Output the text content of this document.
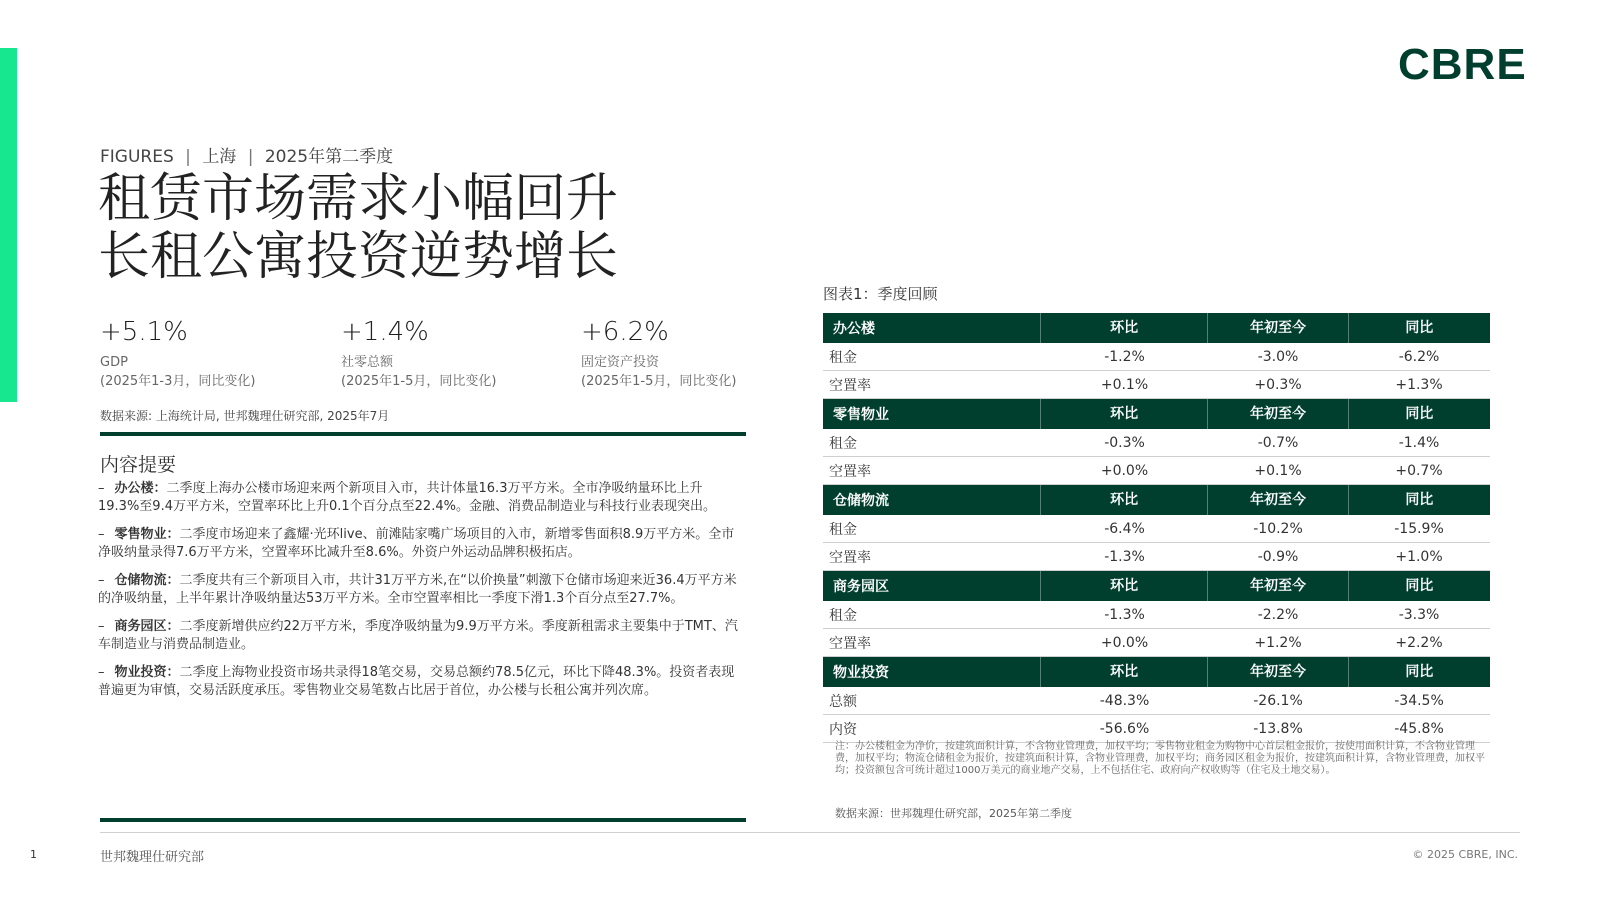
CBRE
FIGURES | 上海 | 2025年第二季度
租赁市场需求小幅回升
长租公寓投资逆势增长
+5.1%
GDP
(2025年1-3月，同比变化)
+1.4%
社零总额
(2025年1-5月，同比变化)
+6.2%
固定资产投资
(2025年1-5月，同比变化)
数据来源: 上海统计局, 世邦魏理仕研究部, 2025年7月
内容提要
– 办公楼：二季度上海办公楼市场迎来两个新项目入市，共计体量16.3万平方米。全市净吸纳量环比上升19.3%至9.4万平方米，空置率环比上升0.1个百分点至22.4%。金融、消费品制造业与科技行业表现突出。
– 零售物业：二季度市场迎来了鑫耀·光环live、前滩陆家嘴广场项目的入市，新增零售面积8.9万平方米。全市净吸纳量录得7.6万平方米，空置率环比减升至8.6%。外资户外运动品牌积极拓店。
– 仓储物流：二季度共有三个新项目入市，共计31万平方米,在“以价换量”刺激下仓储市场迎来近36.4万平方米的净吸纳量，上半年累计净吸纳量达53万平方米。全市空置率相比一季度下滑1.3个百分点至27.7%。
– 商务园区：二季度新增供应约22万平方米，季度净吸纳量为9.9万平方米。季度新租需求主要集中于TMT、汽车制造业与消费品制造业。
– 物业投资：二季度上海物业投资市场共录得18笔交易，交易总额约78.5亿元，环比下降48.3%。投资者表现普遍更为审慎，交易活跃度承压。零售物业交易笔数占比居于首位，办公楼与长租公寓并列次席。
图表1：季度回顾
办公楼	环比	年初至今	同比
租金	-1.2%	-3.0%	-6.2%
空置率	+0.1%	+0.3%	+1.3%
零售物业	环比	年初至今	同比
租金	-0.3%	-0.7%	-1.4%
空置率	+0.0%	+0.1%	+0.7%
仓储物流	环比	年初至今	同比
租金	-6.4%	-10.2%	-15.9%
空置率	-1.3%	-0.9%	+1.0%
商务园区	环比	年初至今	同比
租金	-1.3%	-2.2%	-3.3%
空置率	+0.0%	+1.2%	+2.2%
物业投资	环比	年初至今	同比
总额	-48.3%	-26.1%	-34.5%
内资	-56.6%	-13.8%	-45.8%
注：办公楼租金为净价，按建筑面积计算，不含物业管理费，加权平均；零售物业租金为购物中心首层租金报价，按使用面积计算，不含物业管理费，加权平均；物流仓储租金为报价，按建筑面积计算，含物业管理费，加权平均；商务园区租金为报价，按建筑面积计算，含物业管理费，加权平均；投资额包含可统计超过1000万美元的商业地产交易，上不包括住宅、政府向产权收购等（住宅及土地交易）。
数据来源：世邦魏理仕研究部，2025年第二季度
1	世邦魏理仕研究部	© 2025 CBRE, INC.
